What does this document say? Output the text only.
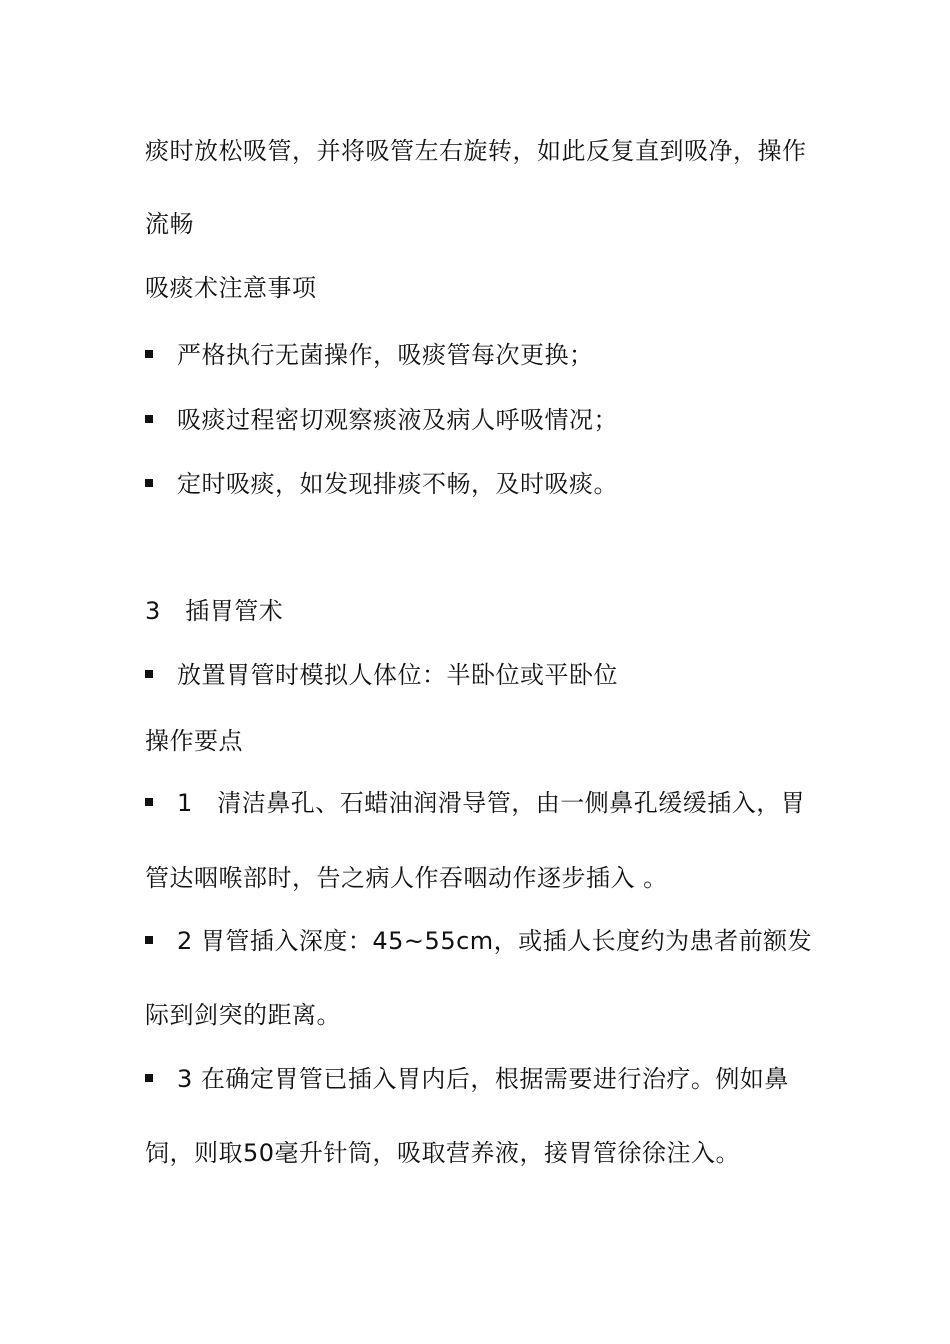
痰时放松吸管，并将吸管左右旋转，如此反复直到吸净，操作
流畅
吸痰术注意事项
严格执行无菌操作，吸痰管每次更换；
吸痰过程密切观察痰液及病人呼吸情况；
定时吸痰，如发现排痰不畅，及时吸痰。
3　插胃管术
放置胃管时模拟人体位：半卧位或平卧位
操作要点
1　清洁鼻孔、石蜡油润滑导管，由一侧鼻孔缓缓插入，胃
管达咽喉部时，告之病人作吞咽动作逐步插入 。
2 胃管插入深度：45~55cm，或插人长度约为患者前额发
际到剑突的距离。
3 在确定胃管已插入胃内后，根据需要进行治疗。例如鼻
饲，则取50毫升针筒，吸取营养液，接胃管徐徐注入。
